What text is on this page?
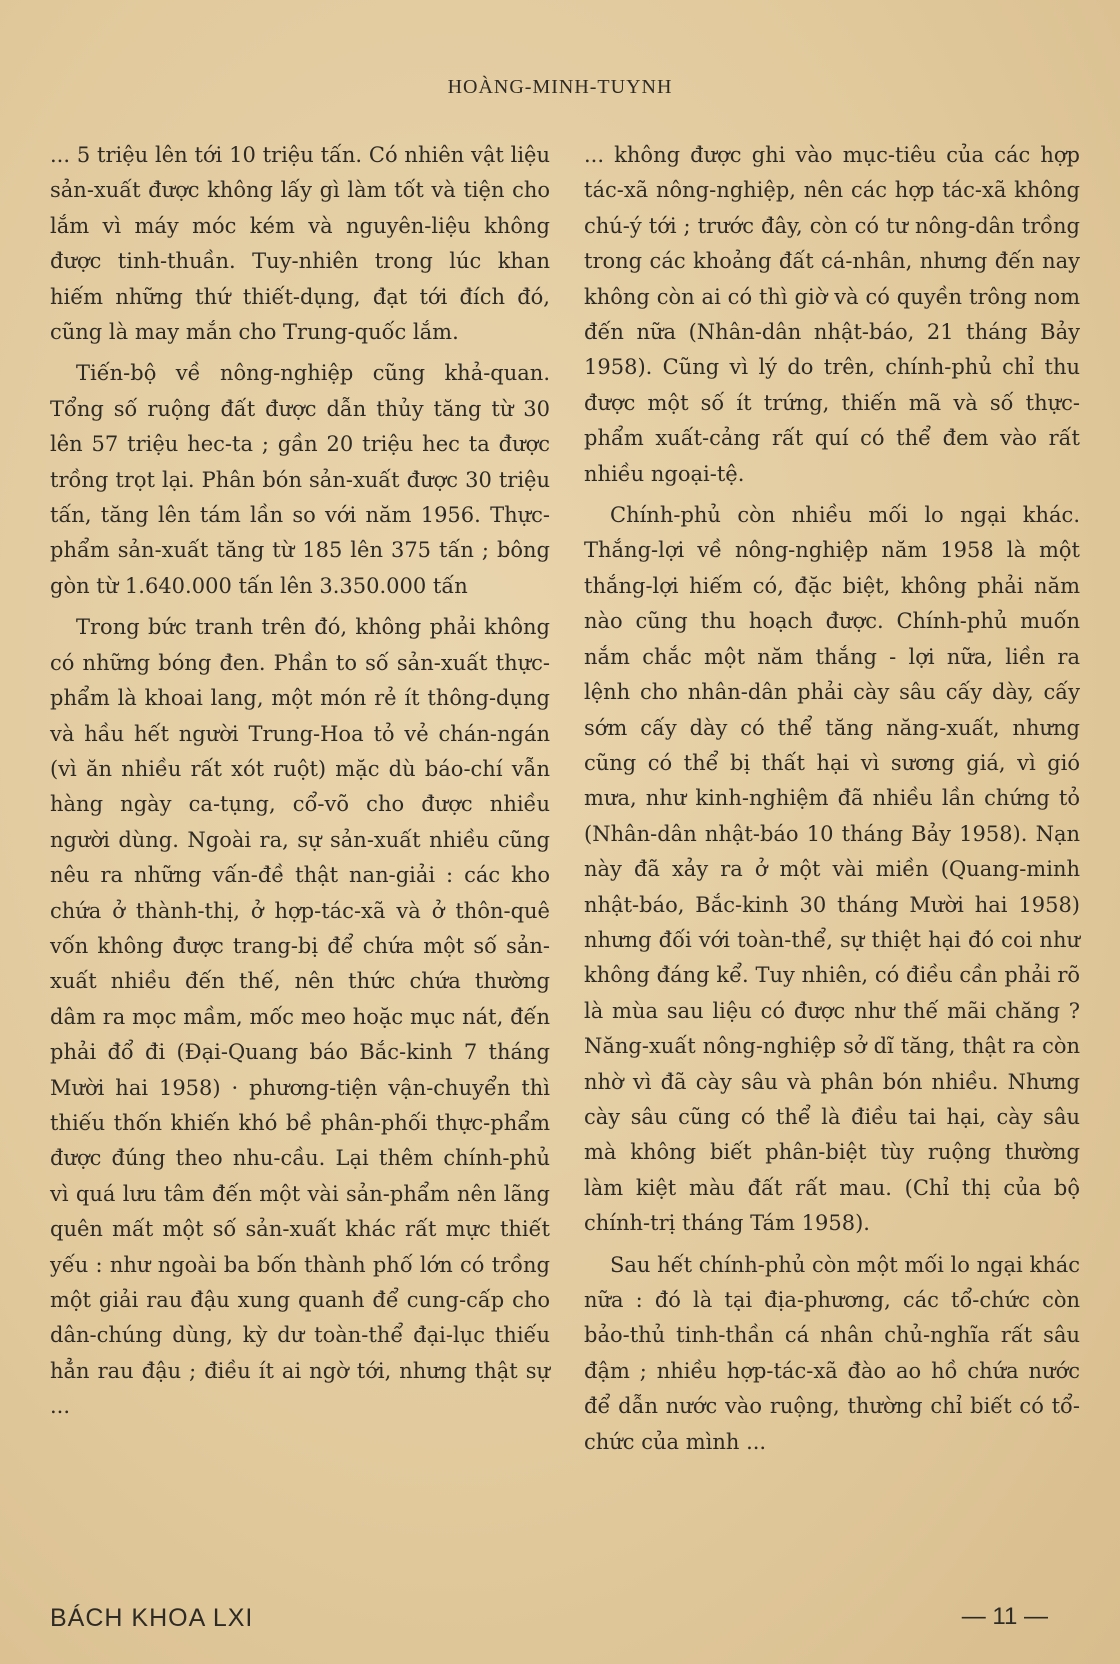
HOÀNG-MINH-TUYNH

... 5 triệu lên tới 10 triệu tấn. Có nhiên vật liệu sản-xuất được không lấy gì làm tốt và tiện cho lắm vì máy móc kém và nguyên-liệu không được tinh-thuần. Tuy-nhiên trong lúc khan hiếm những thứ thiết-dụng, đạt tới đích đó, cũng là may mắn cho Trung-quốc lắm.

Tiến-bộ về nông-nghiệp cũng khả-quan. Tổng số ruộng đất được dẫn thủy tăng từ 30 lên 57 triệu hec-ta ; gần 20 triệu hec ta được trồng trọt lại. Phân bón sản-xuất được 30 triệu tấn, tăng lên tám lần so với năm 1956. Thực-phẩm sản-xuất tăng từ 185 lên 375 tấn ; bông gòn từ 1.640.000 tấn lên 3.350.000 tấn

Trong bức tranh trên đó, không phải không có những bóng đen. Phần to số sản-xuất thực-phẩm là khoai lang, một món rẻ ít thông-dụng và hầu hết người Trung-Hoa tỏ vẻ chán-ngán (vì ăn nhiều rất xót ruột) mặc dù báo-chí vẫn hàng ngày ca-tụng, cổ-võ cho được nhiều người dùng. Ngoài ra, sự sản-xuất nhiều cũng nêu ra những vấn-đề thật nan-giải : các kho chứa ở thành-thị, ở hợp-tác-xã và ở thôn-quê vốn không được trang-bị để chứa một số sản-xuất nhiều đến thế, nên thức chứa thường dâm ra mọc mầm, mốc meo hoặc mục nát, đến phải đổ đi (Đại-Quang báo Bắc-kinh 7 tháng Mười hai 1958) · phương-tiện vận-chuyển thì thiếu thốn khiến khó bề phân-phối thực-phẩm được đúng theo nhu-cầu. Lại thêm chính-phủ vì quá lưu tâm đến một vài sản-phẩm nên lãng quên mất một số sản-xuất khác rất mực thiết yếu : như ngoài ba bốn thành phố lớn có trồng một giải rau đậu xung quanh để cung-cấp cho dân-chúng dùng, kỳ dư toàn-thể đại-lục thiếu hẳn rau đậu ; điều ít ai ngờ tới, nhưng thật sự ...

... không được ghi vào mục-tiêu của các hợp tác-xã nông-nghiệp, nên các hợp tác-xã không chú-ý tới ; trước đây, còn có tư nông-dân trồng trong các khoảng đất cá-nhân, nhưng đến nay không còn ai có thì giờ và có quyền trông nom đến nữa (Nhân-dân nhật-báo, 21 tháng Bảy 1958). Cũng vì lý do trên, chính-phủ chỉ thu được một số ít trứng, thiến mã và số thực-phẩm xuất-cảng rất quí có thể đem vào rất nhiều ngoại-tệ.

Chính-phủ còn nhiều mối lo ngại khác. Thắng-lợi về nông-nghiệp năm 1958 là một thắng-lợi hiếm có, đặc biệt, không phải năm nào cũng thu hoạch được. Chính-phủ muốn nắm chắc một năm thắng - lợi nữa, liền ra lệnh cho nhân-dân phải cày sâu cấy dày, cấy sớm cấy dày có thể tăng năng-xuất, nhưng cũng có thể bị thất hại vì sương giá, vì gió mưa, như kinh-nghiệm đã nhiều lần chứng tỏ (Nhân-dân nhật-báo 10 tháng Bảy 1958). Nạn này đã xảy ra ở một vài miền (Quang-minh nhật-báo, Bắc-kinh 30 tháng Mười hai 1958) nhưng đối với toàn-thể, sự thiệt hại đó coi như không đáng kể. Tuy nhiên, có điều cần phải rõ là mùa sau liệu có được như thế mãi chăng ? Năng-xuất nông-nghiệp sở dĩ tăng, thật ra còn nhờ vì đã cày sâu và phân bón nhiều. Nhưng cày sâu cũng có thể là điều tai hại, cày sâu mà không biết phân-biệt tùy ruộng thường làm kiệt màu đất rất mau. (Chỉ thị của bộ chính-trị tháng Tám 1958).

Sau hết chính-phủ còn một mối lo ngại khác nữa : đó là tại địa-phương, các tổ-chức còn bảo-thủ tinh-thần cá nhân chủ-nghĩa rất sâu đậm ; nhiều hợp-tác-xã đào ao hồ chứa nước để dẫn nước vào ruộng, thường chỉ biết có tổ-chức của mình ...

BÁCH KHOA LXI	— 11 —
